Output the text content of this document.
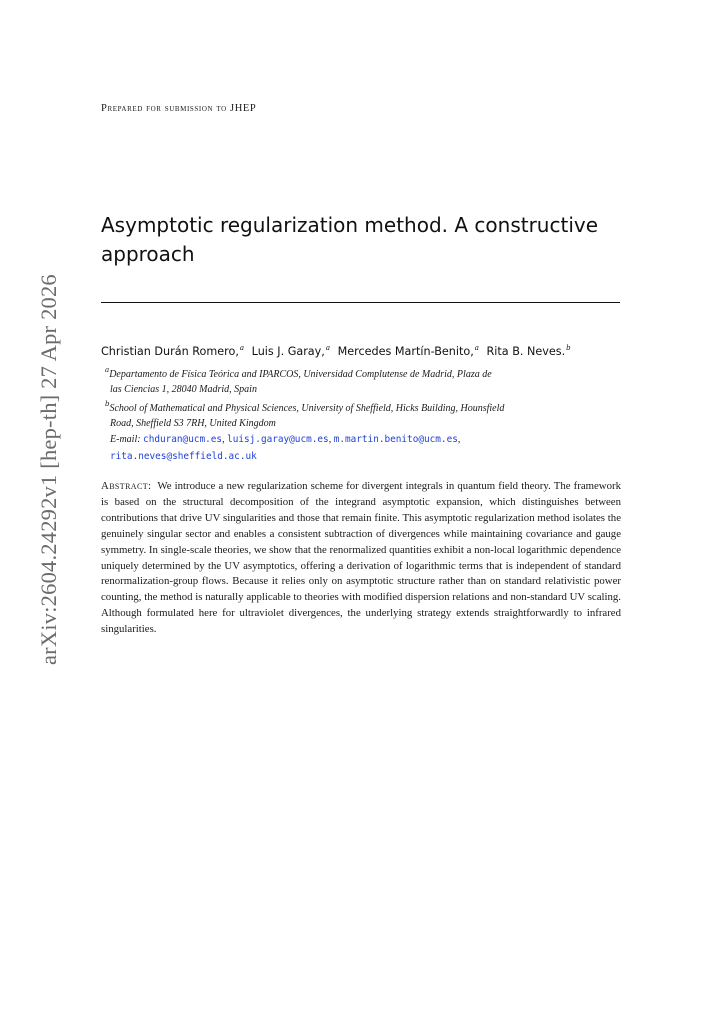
Prepared for submission to JHEP
arXiv:2604.24292v1 [hep-th] 27 Apr 2026
Asymptotic regularization method. A constructive approach
Christian Durán Romero,$^a$ Luis J. Garay,$^a$ Mercedes Martín-Benito,$^a$ Rita B. Neves.$^b$
$^a$Departamento de Física Teórica and IPARCOS, Universidad Complutense de Madrid, Plaza de
las Ciencias 1, 28040 Madrid, Spain
$^b$School of Mathematical and Physical Sciences, University of Sheffield, Hicks Building, Hounsfield
Road, Sheffield S3 7RH, United Kingdom
E-mail: chduran@ucm.es, luisj.garay@ucm.es, m.martin.benito@ucm.es,
rita.neves@sheffield.ac.uk
Abstract: We introduce a new regularization scheme for divergent integrals in quantum field theory. The framework is based on the structural decomposition of the integrand asymptotic expansion, which distinguishes between contributions that drive UV singularities and those that remain finite. This asymptotic regularization method isolates the genuinely singular sector and enables a consistent subtraction of divergences while maintaining covariance and gauge symmetry. In single-scale theories, we show that the renormalized quantities exhibit a non-local logarithmic dependence uniquely determined by the UV asymptotics, offering a derivation of logarithmic terms that is independent of standard renormalization-group flows. Because it relies only on asymptotic structure rather than on standard relativistic power counting, the method is naturally applicable to theories with modified dispersion relations and non-standard UV scaling. Although formulated here for ultraviolet divergences, the underlying strategy extends straightforwardly to infrared singularities.
